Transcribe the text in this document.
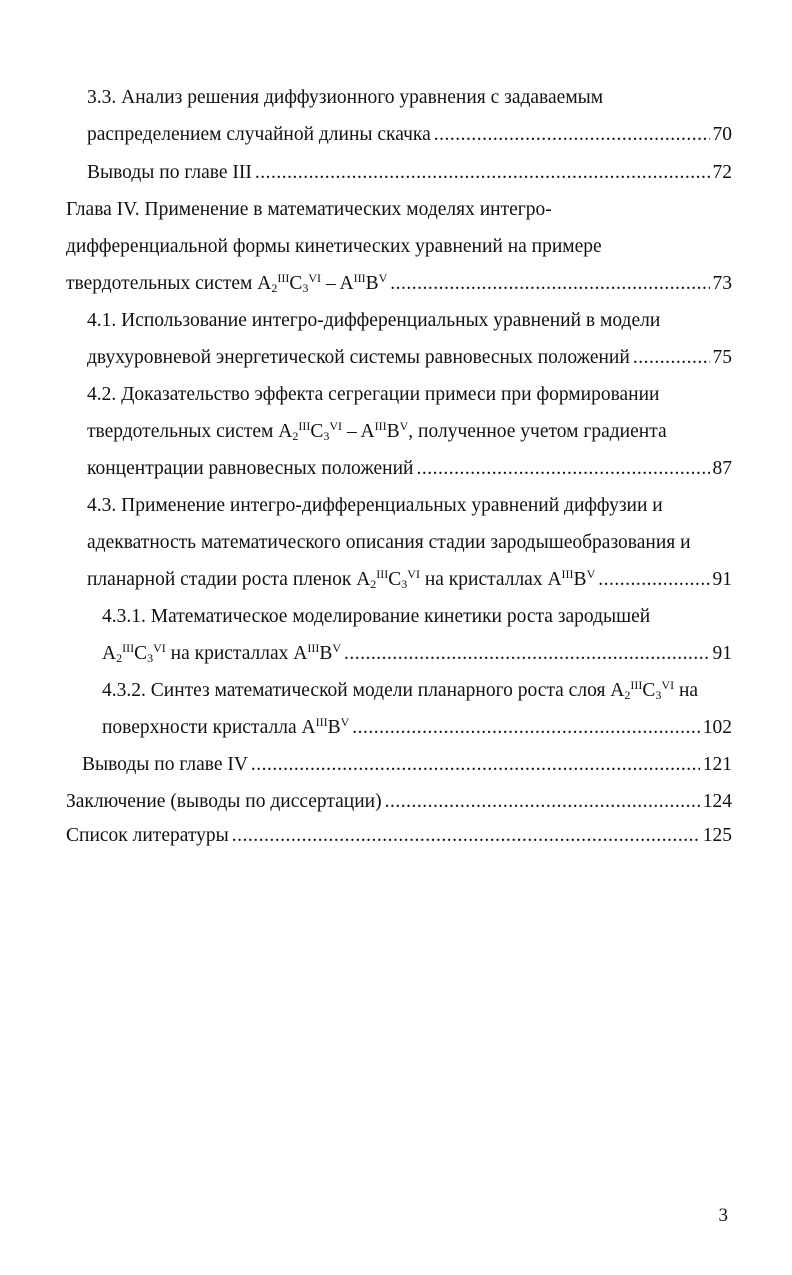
3.3. Анализ решения диффузионного уравнения с задаваемым
распределением случайной длины скачка .....	70
Выводы по главе III .....	72
Глава IV. Применение в математических моделях интегро-
дифференциальной формы кинетических уравнений на примере
твердотельных систем $A_2^{III}C_3^{VI} - A^{III}B^V$ .....	73
4.1. Использование интегро-дифференциальных уравнений в модели
двухуровневой энергетической системы равновесных положений .....	75
4.2. Доказательство эффекта сегрегации примеси при формировании
твердотельных систем $A_2^{III}C_3^{VI} - A^{III}B^V$, полученное учетом градиента
концентрации равновесных положений .....	87
4.3. Применение интегро-дифференциальных уравнений диффузии и
адекватность математического описания стадии зародышеобразования и
планарной стадии роста пленок $A_2^{III}C_3^{VI}$ на кристаллах $A^{III}B^V$ .....	91
4.3.1. Математическое моделирование кинетики роста зародышей
$A_2^{III}C_3^{VI}$ на кристаллах $A^{III}B^V$ .....	91
4.3.2. Синтез математической модели планарного роста слоя $A_2^{III}C_3^{VI}$ на
поверхности кристалла $A^{III}B^V$ .....	102
Выводы по главе IV .....	121
Заключение (выводы по диссертации) .....	124
Список литературы .....	125
3
